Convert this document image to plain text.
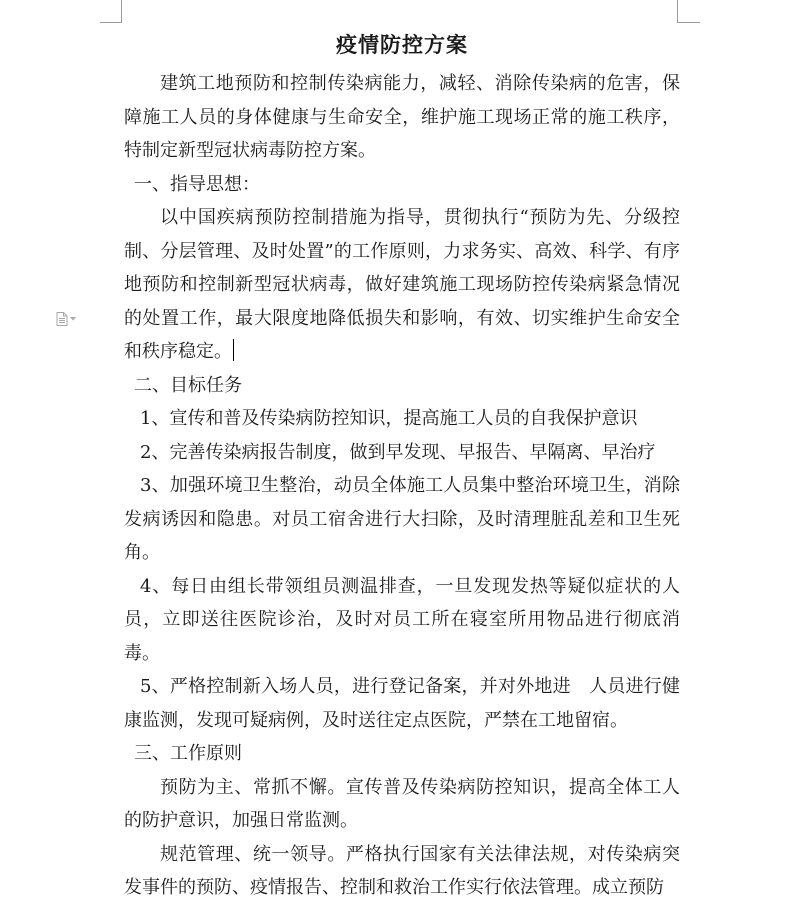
疫情防控方案

建筑工地预防和控制传染病能力，减轻、消除传染病的危害，保障施工人员的身体健康与生命安全，维护施工现场正常的施工秩序，特制定新型冠状病毒防控方案。

一、指导思想：

以中国疾病预防控制措施为指导，贯彻执行“预防为先、分级控制、分层管理、及时处置”的工作原则，力求务实、高效、科学、有序地预防和控制新型冠状病毒，做好建筑施工现场防控传染病紧急情况的处置工作，最大限度地降低损失和影响，有效、切实维护生命安全和秩序稳定。

二、目标任务

1、宣传和普及传染病防控知识，提高施工人员的自我保护意识

2、完善传染病报告制度，做到早发现、早报告、早隔离、早治疗

3、加强环境卫生整治，动员全体施工人员集中整治环境卫生，消除发病诱因和隐患。对员工宿舍进行大扫除，及时清理脏乱差和卫生死角。

4、每日由组长带领组员测温排查，一旦发现发热等疑似症状的人员，立即送往医院诊治，及时对员工所在寝室所用物品进行彻底消毒。

5、严格控制新入场人员，进行登记备案，并对外地进　人员进行健康监测，发现可疑病例，及时送往定点医院，严禁在工地留宿。

三、工作原则

预防为主、常抓不懈。宣传普及传染病防控知识，提高全体工人的防护意识，加强日常监测。

规范管理、统一领导。严格执行国家有关法律法规，对传染病突发事件的预防、疫情报告、控制和救治工作实行依法管理。成立预防
